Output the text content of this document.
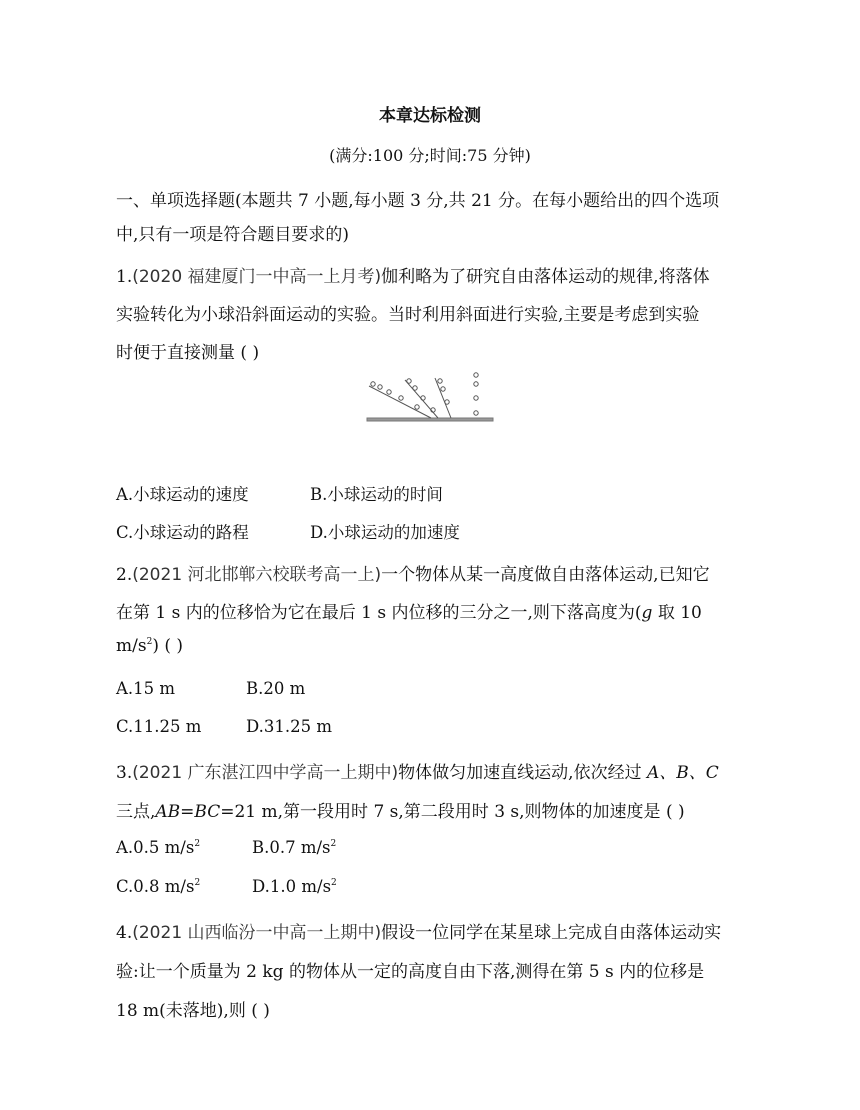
本章达标检测
(满分:100 分;时间:75 分钟)
一、单项选择题(本题共 7 小题,每小题 3 分,共 21 分。在每小题给出的四个选项
中,只有一项是符合题目要求的)
1.(2020 福建厦门一中高一上月考)伽利略为了研究自由落体运动的规律,将落体
实验转化为小球沿斜面运动的实验。当时利用斜面进行实验,主要是考虑到实验
时便于直接测量 ( )
A.小球运动的速度	B.小球运动的时间
C.小球运动的路程	D.小球运动的加速度
2.(2021 河北邯郸六校联考高一上)一个物体从某一高度做自由落体运动,已知它
在第 1 s 内的位移恰为它在最后 1 s 内位移的三分之一,则下落高度为(g 取 10
$m/s^2$) ( )
A.15 m	B.20 m
C.11.25 m	D.31.25 m
3.(2021 广东湛江四中学高一上期中)物体做匀加速直线运动,依次经过 A、B、C
三点,AB=BC=21 m,第一段用时 7 s,第二段用时 3 s,则物体的加速度是 ( )
A.0.5 $m/s^2$	B.0.7 $m/s^2$
C.0.8 $m/s^2$	D.1.0 $m/s^2$
4.(2021 山西临汾一中高一上期中)假设一位同学在某星球上完成自由落体运动实
验:让一个质量为 2 kg 的物体从一定的高度自由下落,测得在第 5 s 内的位移是
18 m(未落地),则 ( )
